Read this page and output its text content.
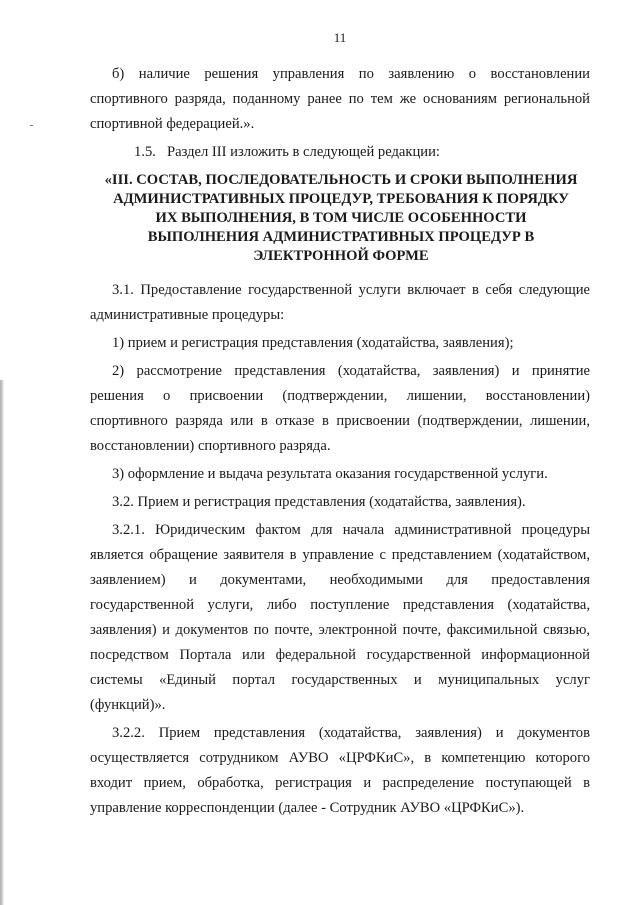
11

б) наличие решения управления по заявлению о восстановлении спортивного разряда, поданному ранее по тем же основаниям региональной спортивной федерацией.».

1.5. Раздел III изложить в следующей редакции:

«III. СОСТАВ, ПОСЛЕДОВАТЕЛЬНОСТЬ И СРОКИ ВЫПОЛНЕНИЯ АДМИНИСТРАТИВНЫХ ПРОЦЕДУР, ТРЕБОВАНИЯ К ПОРЯДКУ ИХ ВЫПОЛНЕНИЯ, В ТОМ ЧИСЛЕ ОСОБЕННОСТИ ВЫПОЛНЕНИЯ АДМИНИСТРАТИВНЫХ ПРОЦЕДУР В ЭЛЕКТРОННОЙ ФОРМЕ

3.1. Предоставление государственной услуги включает в себя следующие административные процедуры:

1) прием и регистрация представления (ходатайства, заявления);

2) рассмотрение представления (ходатайства, заявления) и принятие решения о присвоении (подтверждении, лишении, восстановлении) спортивного разряда или в отказе в присвоении (подтверждении, лишении, восстановлении) спортивного разряда.

3) оформление и выдача результата оказания государственной услуги.

3.2. Прием и регистрация представления (ходатайства, заявления).

3.2.1. Юридическим фактом для начала административной процедуры является обращение заявителя в управление с представлением (ходатайством, заявлением) и документами, необходимыми для предоставления государственной услуги, либо поступление представления (ходатайства, заявления) и документов по почте, электронной почте, факсимильной связью, посредством Портала или федеральной государственной информационной системы «Единый портал государственных и муниципальных услуг (функций)».

3.2.2. Прием представления (ходатайства, заявления) и документов осуществляется сотрудником АУВО «ЦРФКиС», в компетенцию которого входит прием, обработка, регистрация и распределение поступающей в управление корреспонденции (далее - Сотрудник АУВО «ЦРФКиС»).
